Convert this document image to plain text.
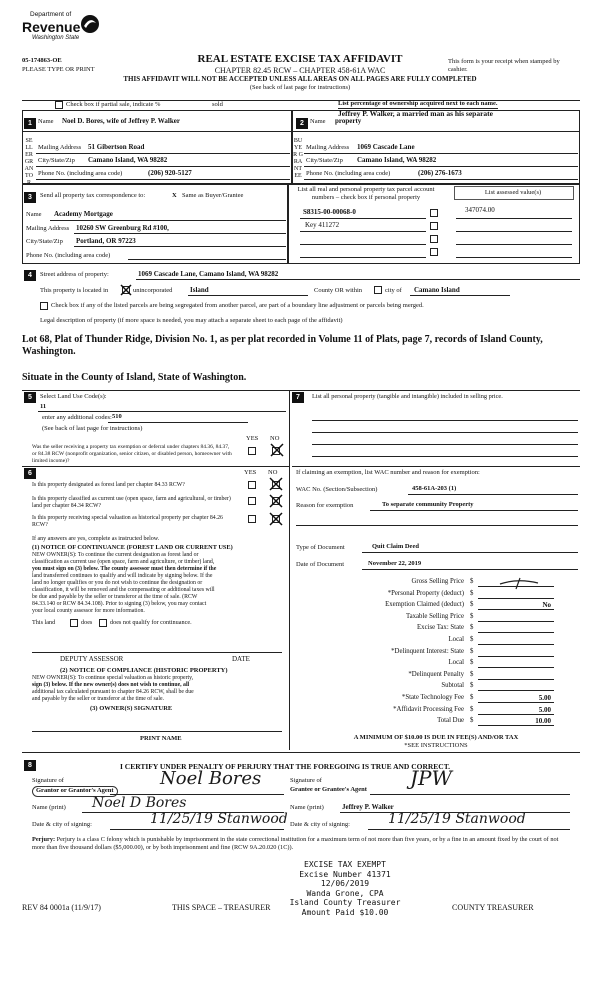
Department of
Revenue
Washington State
05-174863-OE
PLEASE TYPE OR PRINT
REAL ESTATE EXCISE TAX AFFIDAVIT
CHAPTER 82.45 RCW – CHAPTER 458-61A WAC
THIS AFFIDAVIT WILL NOT BE ACCEPTED UNLESS ALL AREAS ON ALL PAGES ARE FULLY COMPLETED
(See back of last page for instructions)
This form is your receipt when stamped by cashier.
Check box if partial sale, indicate %	sold	List percentage of ownership acquired next to each name.
1
SELLER GRANTOR
Name Noel D. Bores, wife of Jeffrey P. Walker
Mailing Address 51 Gibertson Road
City/State/Zip Camano Island, WA 98282
Phone No. (including area code)	(206) 920-5127
2
BUYER GRANTEE
Jeffrey P. Walker, a married man as his separate
Name property
Mailing Address 1069 Cascade Lane
City/State/Zip Camano Island, WA 98282
Phone No. (including area code)	(206) 276-1673
3	Send all property tax correspondence to:	X Same as Buyer/Grantee
Name Academy Mortgage
Mailing Address 10260 SW Greenburg Rd #100,
City/State/Zip Portland, OR 97223
Phone No. (including area code)
List all real and personal property tax parcel account numbers – check box if personal property
List assessed value(s)
S8315-00-00068-0	347074.00
Key 411272
4	Street address of property:	1069 Cascade Lane, Camano Island, WA 98282
This property is located in	unincorporated	Island	County OR within	city of Camano Island
Check box if any of the listed parcels are being segregated from another parcel, are part of a boundary line adjustment or parcels being merged.
Legal description of property (if more space is needed, you may attach a separate sheet to each page of the affidavit)
Lot 68, Plat of Thunder Ridge, Division No. 1, as per plat recorded in Volume 11 of Plats, page 7, records of Island County, Washington.
Situate in the County of Island, State of Washington.
5	Select Land Use Code(s):
11
enter any additional codes: 510
(See back of last page for instructions)
YES NO
Was the seller receiving a property tax exemption or deferral under chapters 84.36, 84.37, or 84.38 RCW (nonprofit organization, senior citizen, or disabled person, homeowner with limited income)?
6	YES NO
Is this property designated as forest land per chapter 84.33 RCW?
Is this property classified as current use (open space, farm and agricultural, or timber) land per chapter 84.34 RCW?
Is this property receiving special valuation as historical property per chapter 84.26 RCW?
If any answers are yes, complete as instructed below.
(1) NOTICE OF CONTINUANCE (FOREST LAND OR CURRENT USE)
NEW OWNER(S): To continue the current designation as forest land or
classification as current use (open space, farm and agriculture, or timber) land,
you must sign on (3) below. The county assessor must then determine if the
land transferred continues to qualify and will indicate by signing below. If the
land no longer qualifies or you do not wish to continue the designation or
classification, it will be removed and the compensating or additional taxes will
be due and payable by the seller or transferor at the time of sale. (RCW
84.33.140 or RCW 84.34.108). Prior to signing (3) below, you may contact
your local county assessor for more information.
This land	does	does not qualify for continuance.
DEPUTY ASSESSOR	DATE
(2) NOTICE OF COMPLIANCE (HISTORIC PROPERTY)
NEW OWNER(S): To continue special valuation as historic property,
sign (3) below. If the new owner(s) does not wish to continue, all
additional tax calculated pursuant to chapter 84.26 RCW, shall be due
and payable by the seller or transferor at the time of sale.
(3) OWNER(S) SIGNATURE
PRINT NAME
7	List all personal property (tangible and intangible) included in selling price.
If claiming an exemption, list WAC number and reason for exemption:
WAC No. (Section/Subsection)	458-61A-203 (1)
Reason for exemption	To separate community Property
Type of Document	Quit Claim Deed
Date of Document	November 22, 2019
Gross Selling Price $
*Personal Property (deduct) $
Exemption Claimed (deduct) $	No
Taxable Selling Price $
Excise Tax: State $
Local $
*Delinquent Interest: State $
Local $
*Delinquent Penalty $
Subtotal $
*State Technology Fee $	5.00
*Affidavit Processing Fee $	5.00
Total Due $	10.00
A MINIMUM OF $10.00 IS DUE IN FEE(S) AND/OR TAX
*SEE INSTRUCTIONS
8	I CERTIFY UNDER PENALTY OF PERJURY THAT THE FOREGOING IS TRUE AND CORRECT.
Signature of
Grantor or Grantor's Agent
Noel Bores
Name (print) Noel D Bores
Date & city of signing:	11/25/19 Stanwood
Signature of
Grantee or Grantee's Agent JPW
Name (print)	Jeffrey P. Walker
Date & city of signing:	11/25/19 Stanwood
Perjury: Perjury is a class C felony which is punishable by imprisonment in the state correctional institution for a maximum term of not more than five years, or by a fine in an amount fixed by the court of not more than five thousand dollars ($5,000.00), or by both imprisonment and fine (RCW 9A.20.020 (1C)).
EXCISE TAX EXEMPT
Excise Number 41371
12/06/2019
Wanda Grone, CPA
Island County Treasurer
Amount Paid $10.00
REV 84 0001a (11/9/17)	THIS SPACE – TREASURER	COUNTY TREASURER
